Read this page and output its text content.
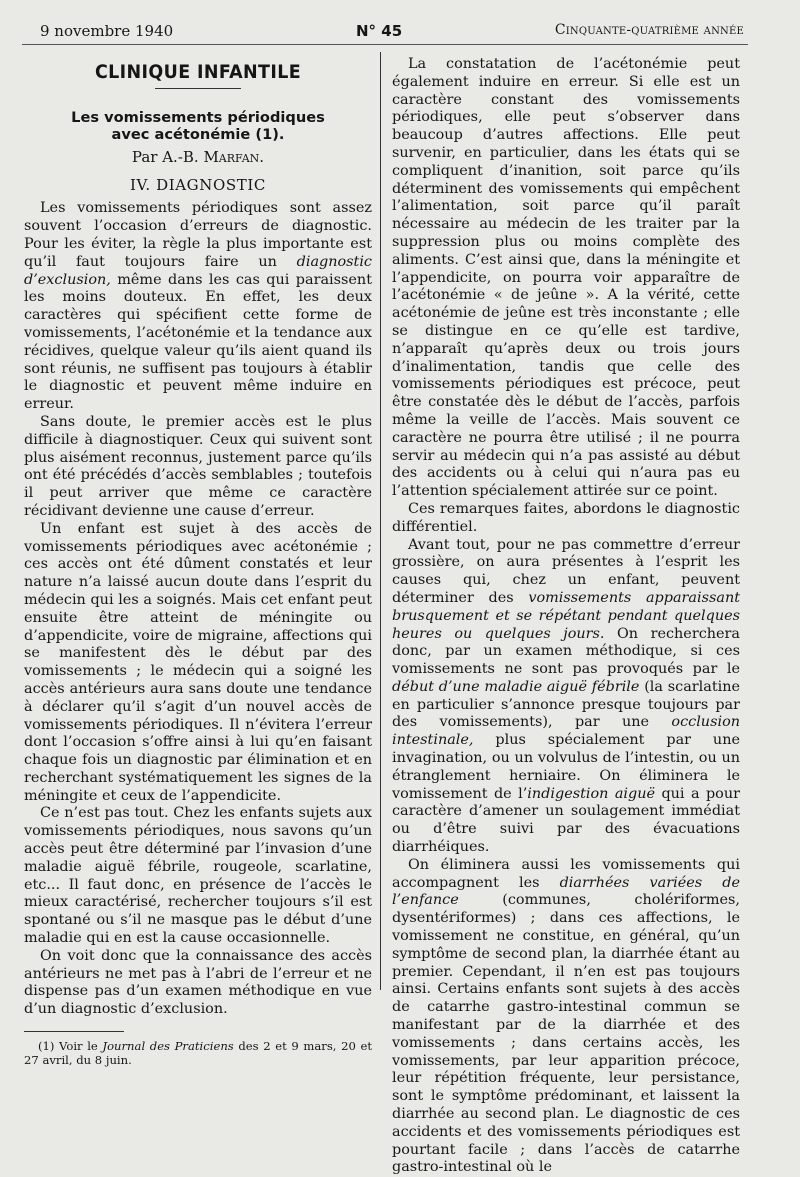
9 novembre 1940	N° 45	Cinquante-quatrième année
CLINIQUE INFANTILE
Les vomissements périodiques
avec acétonémie (1).
Par A.-B. Marfan.
IV. DIAGNOSTIC

Les vomissements périodiques sont assez souvent l’occasion d’erreurs de diagnostic. Pour les éviter, la règle la plus importante est qu’il faut toujours faire un diagnostic d’exclusion, même dans les cas qui paraissent les moins douteux. En effet, les deux caractères qui spécifient cette forme de vomissements, l’acétonémie et la tendance aux récidives, quelque valeur qu’ils aient quand ils sont réunis, ne suffisent pas toujours à établir le diagnostic et peuvent même induire en erreur.

Sans doute, le premier accès est le plus difficile à diagnostiquer. Ceux qui suivent sont plus aisément reconnus, justement parce qu’ils ont été précédés d’accès semblables ; toutefois il peut arriver que même ce caractère récidivant devienne une cause d’erreur.

Un enfant est sujet à des accès de vomissements périodiques avec acétonémie ; ces accès ont été dûment constatés et leur nature n’a laissé aucun doute dans l’esprit du médecin qui les a soignés. Mais cet enfant peut ensuite être atteint de méningite ou d’appendicite, voire de migraine, affections qui se manifestent dès le début par des vomissements ; le médecin qui a soigné les accès antérieurs aura sans doute une tendance à déclarer qu’il s’agit d’un nouvel accès de vomissements périodiques. Il n’évitera l’erreur dont l’occasion s’offre ainsi à lui qu’en faisant chaque fois un diagnostic par élimination et en recherchant systématiquement les signes de la méningite et ceux de l’appendicite.

Ce n’est pas tout. Chez les enfants sujets aux vomissements périodiques, nous savons qu’un accès peut être déterminé par l’invasion d’une maladie aiguë fébrile, rougeole, scarlatine, etc... Il faut donc, en présence de l’accès le mieux caractérisé, rechercher toujours s’il est spontané ou s’il ne masque pas le début d’une maladie qui en est la cause occasionnelle.

On voit donc que la connaissance des accès antérieurs ne met pas à l’abri de l’erreur et ne dispense pas d’un examen méthodique en vue d’un diagnostic d’exclusion.

(1) Voir le Journal des Praticiens des 2 et 9 mars, 20 et 27 avril, du 8 juin.

La constatation de l’acétonémie peut également induire en erreur. Si elle est un caractère constant des vomissements périodiques, elle peut s’observer dans beaucoup d’autres affections. Elle peut survenir, en particulier, dans les états qui se compliquent d’inanition, soit parce qu’ils déterminent des vomissements qui empêchent l’alimentation, soit parce qu’il paraît nécessaire au médecin de les traiter par la suppression plus ou moins complète des aliments. C’est ainsi que, dans la méningite et l’appendicite, on pourra voir apparaître de l’acétonémie « de jeûne ». A la vérité, cette acétonémie de jeûne est très inconstante ; elle se distingue en ce qu’elle est tardive, n’apparaît qu’après deux ou trois jours d’inalimentation, tandis que celle des vomissements périodiques est précoce, peut être constatée dès le début de l’accès, parfois même la veille de l’accès. Mais souvent ce caractère ne pourra être utilisé ; il ne pourra servir au médecin qui n’a pas assisté au début des accidents ou à celui qui n’aura pas eu l’attention spécialement attirée sur ce point.

Ces remarques faites, abordons le diagnostic différentiel.

Avant tout, pour ne pas commettre d’erreur grossière, on aura présentes à l’esprit les causes qui, chez un enfant, peuvent déterminer des vomissements apparaissant brusquement et se répétant pendant quelques heures ou quelques jours. On recherchera donc, par un examen méthodique, si ces vomissements ne sont pas provoqués par le début d’une maladie aiguë fébrile (la scarlatine en particulier s’annonce presque toujours par des vomissements), par une occlusion intestinale, plus spécialement par une invagination, ou un volvulus de l’intestin, ou un étranglement herniaire. On éliminera le vomissement de l’indigestion aiguë qui a pour caractère d’amener un soulagement immédiat ou d’être suivi par des évacuations diarrhéiques.

On éliminera aussi les vomissements qui accompagnent les diarrhées variées de l’enfance (communes, cholériformes, dysentériformes) ; dans ces affections, le vomissement ne constitue, en général, qu’un symptôme de second plan, la diarrhée étant au premier. Cependant, il n’en est pas toujours ainsi. Certains enfants sont sujets à des accès de catarrhe gastro-intestinal commun se manifestant par de la diarrhée et des vomissements ; dans certains accès, les vomissements, par leur apparition précoce, leur répétition fréquente, leur persistance, sont le symptôme prédominant, et laissent la diarrhée au second plan. Le diagnostic de ces accidents et des vomissements périodiques est pourtant facile ; dans l’accès de catarrhe gastro-intestinal où le
